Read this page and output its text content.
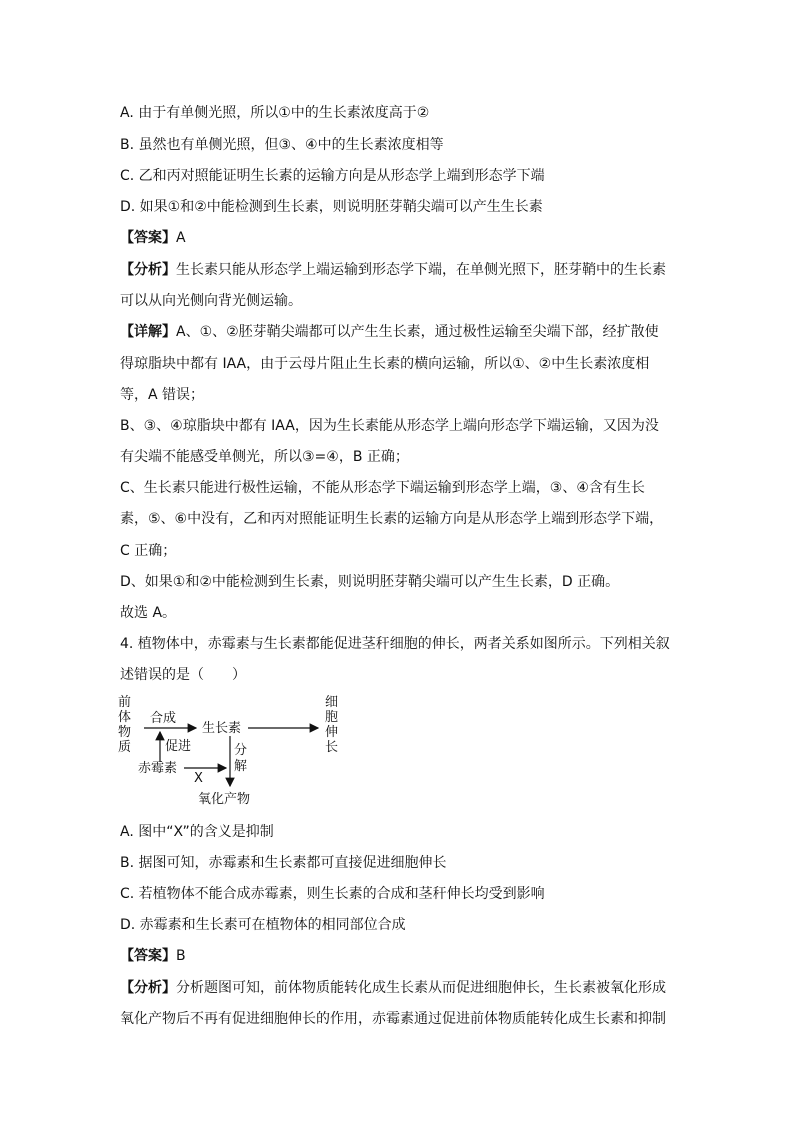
A. 由于有单侧光照，所以①中的生长素浓度高于②
B. 虽然也有单侧光照，但③、④中的生长素浓度相等
C. 乙和丙对照能证明生长素的运输方向是从形态学上端到形态学下端
D. 如果①和②中能检测到生长素，则说明胚芽鞘尖端可以产生生长素
【答案】A
【分析】生长素只能从形态学上端运输到形态学下端，在单侧光照下，胚芽鞘中的生长素
可以从向光侧向背光侧运输。
【详解】A、①、②胚芽鞘尖端都可以产生生长素，通过极性运输至尖端下部，经扩散使
得琼脂块中都有 IAA，由于云母片阻止生长素的横向运输，所以①、②中生长素浓度相
等，A 错误；
B、③、④琼脂块中都有 IAA，因为生长素能从形态学上端向形态学下端运输，又因为没
有尖端不能感受单侧光，所以③=④，B 正确；
C、生长素只能进行极性运输，不能从形态学下端运输到形态学上端，③、④含有生长
素，⑤、⑥中没有，乙和丙对照能证明生长素的运输方向是从形态学上端到形态学下端，
C 正确；
D、如果①和②中能检测到生长素，则说明胚芽鞘尖端可以产生生长素，D 正确。
故选 A。
4. 植物体中，赤霉素与生长素都能促进茎秆细胞的伸长，两者关系如图所示。下列相关叙
述错误的是（　　）
前
体
物
质
合成
生长素
细
胞
伸
长
促进
赤霉素
X
分
解
氧化产物
A. 图中“X”的含义是抑制
B. 据图可知，赤霉素和生长素都可直接促进细胞伸长
C. 若植物体不能合成赤霉素，则生长素的合成和茎秆伸长均受到影响
D. 赤霉素和生长素可在植物体的相同部位合成
【答案】B
【分析】分析题图可知，前体物质能转化成生长素从而促进细胞伸长，生长素被氧化形成
氧化产物后不再有促进细胞伸长的作用，赤霉素通过促进前体物质能转化成生长素和抑制
